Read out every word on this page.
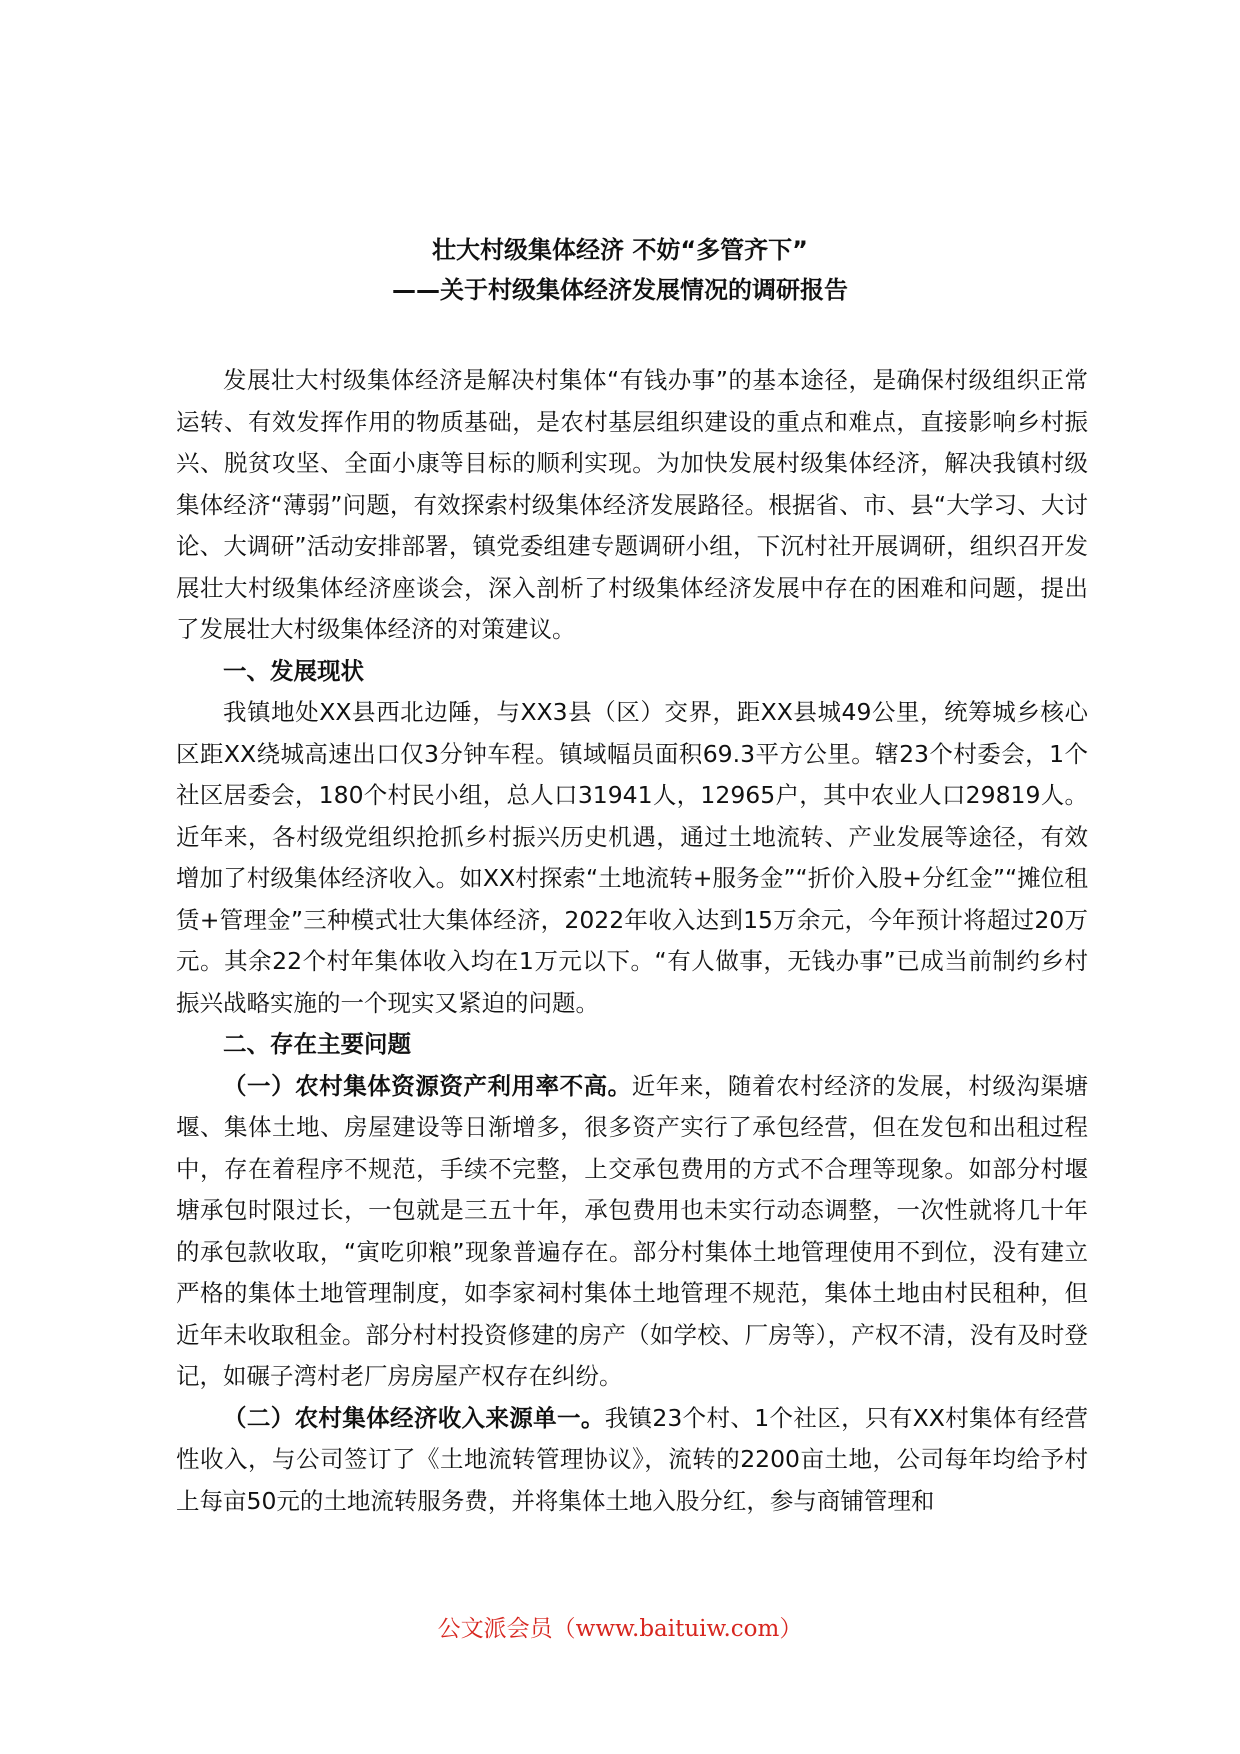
壮大村级集体经济 不妨“多管齐下”
——关于村级集体经济发展情况的调研报告

发展壮大村级集体经济是解决村集体“有钱办事”的基本途径，是确保村级组织正常运转、有效发挥作用的物质基础，是农村基层组织建设的重点和难点，直接影响乡村振兴、脱贫攻坚、全面小康等目标的顺利实现。为加快发展村级集体经济，解决我镇村级集体经济“薄弱”问题，有效探索村级集体经济发展路径。根据省、市、县“大学习、大讨论、大调研”活动安排部署，镇党委组建专题调研小组，下沉村社开展调研，组织召开发展壮大村级集体经济座谈会，深入剖析了村级集体经济发展中存在的困难和问题，提出了发展壮大村级集体经济的对策建议。

一、发展现状

我镇地处XX县西北边陲，与XX3县（区）交界，距XX县城49公里，统筹城乡核心区距XX绕城高速出口仅3分钟车程。镇域幅员面积69.3平方公里。辖23个村委会，1个社区居委会，180个村民小组，总人口31941人，12965户，其中农业人口29819人。近年来，各村级党组织抢抓乡村振兴历史机遇，通过土地流转、产业发展等途径，有效增加了村级集体经济收入。如XX村探索“土地流转+服务金”“折价入股+分红金”“摊位租赁+管理金”三种模式壮大集体经济，2022年收入达到15万余元，今年预计将超过20万元。其余22个村年集体收入均在1万元以下。“有人做事，无钱办事”已成当前制约乡村振兴战略实施的一个现实又紧迫的问题。

二、存在主要问题

（一）农村集体资源资产利用率不高。近年来，随着农村经济的发展，村级沟渠塘堰、集体土地、房屋建设等日渐增多，很多资产实行了承包经营，但在发包和出租过程中，存在着程序不规范，手续不完整，上交承包费用的方式不合理等现象。如部分村堰塘承包时限过长，一包就是三五十年，承包费用也未实行动态调整，一次性就将几十年的承包款收取，“寅吃卯粮”现象普遍存在。部分村集体土地管理使用不到位，没有建立严格的集体土地管理制度，如李家祠村集体土地管理不规范，集体土地由村民租种，但近年未收取租金。部分村村投资修建的房产（如学校、厂房等），产权不清，没有及时登记，如碾子湾村老厂房房屋产权存在纠纷。

（二）农村集体经济收入来源单一。我镇23个村、1个社区，只有XX村集体有经营性收入，与公司签订了《土地流转管理协议》，流转的2200亩土地，公司每年均给予村上每亩50元的土地流转服务费，并将集体土地入股分红，参与商铺管理和

公文派会员（www.baituiw.com）
